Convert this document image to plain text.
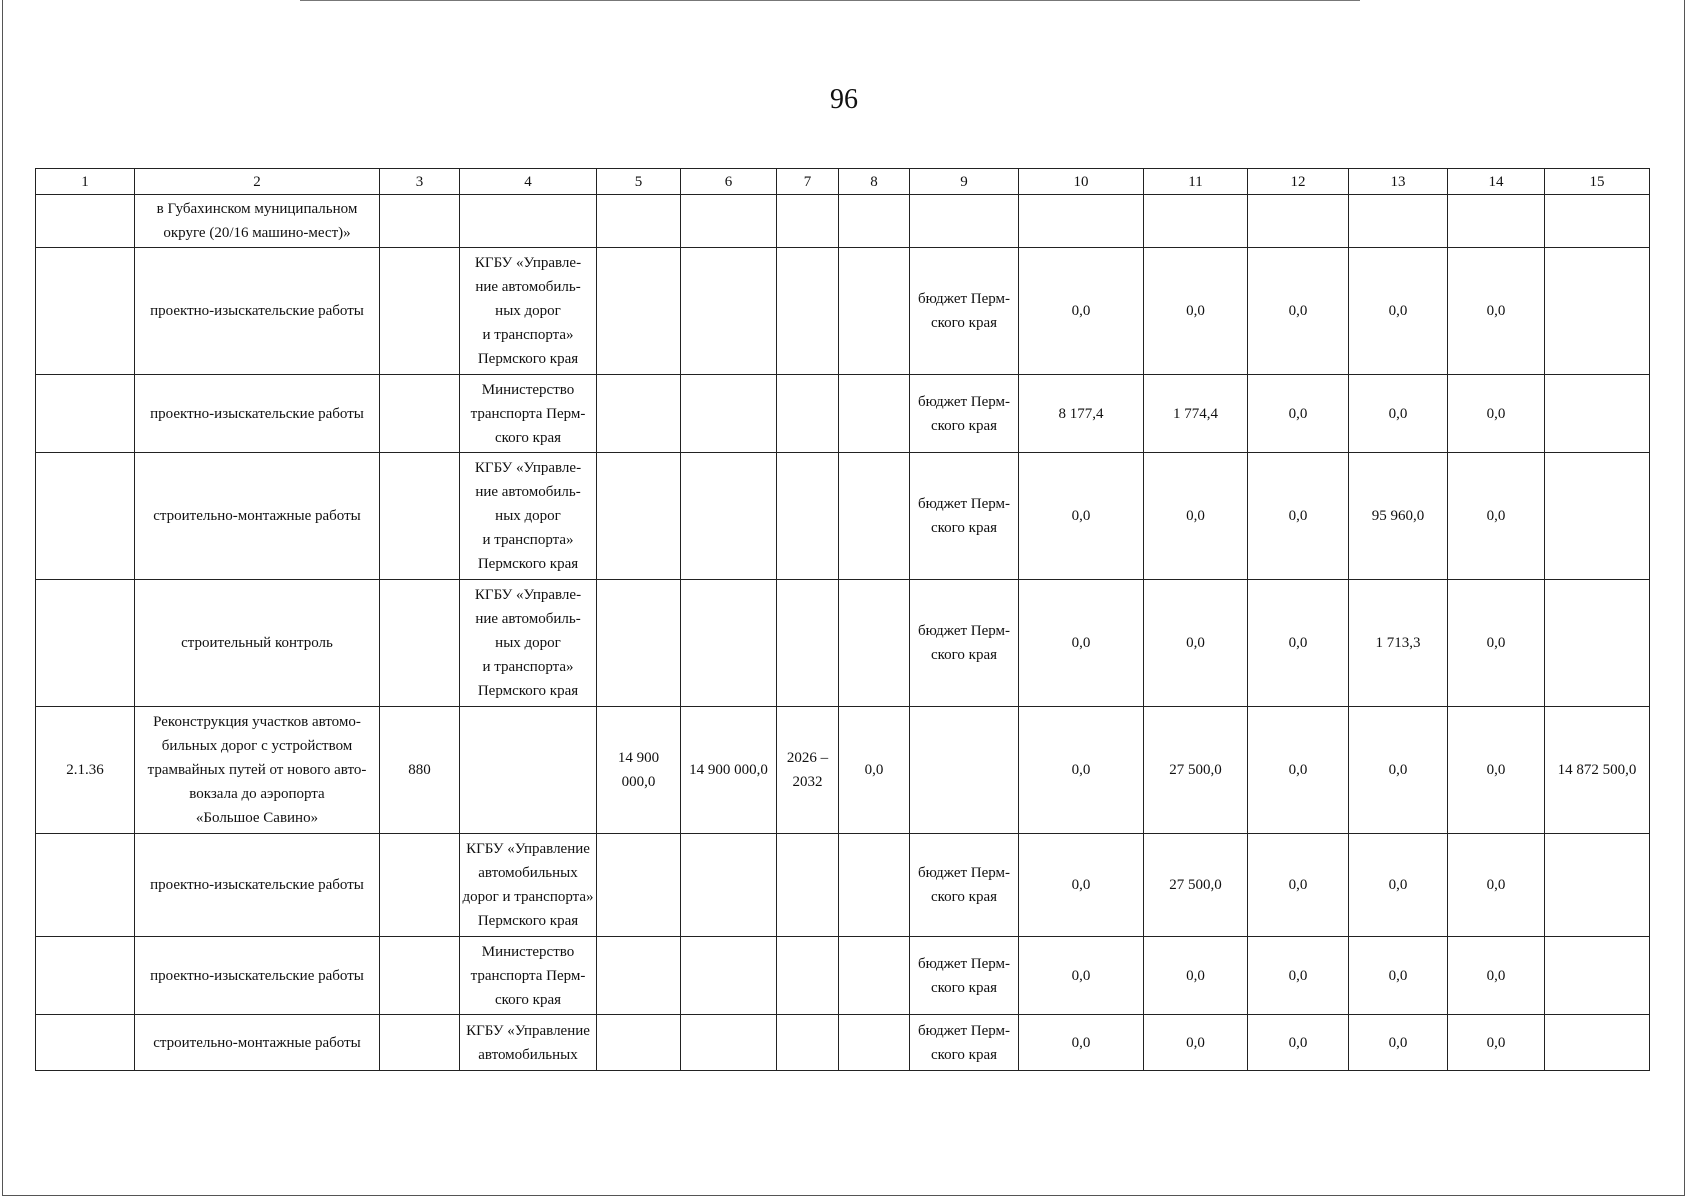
96
1	2	3	4	5	6	7	8	9	10	11	12	13	14	15

	в Губахинском муниципальном
округе (20/16 машино-мест)»													

	проектно-изыскательские работы		КГБУ «Управле-
ние автомобиль-
ных дорог
и транспорта»
Пермского края					бюджет Перм-
ского края	0,0	0,0	0,0	0,0	0,0	

	проектно-изыскательские работы		Министерство
транспорта Перм-
ского края					бюджет Перм-
ского края	8 177,4	1 774,4	0,0	0,0	0,0	

	строительно-монтажные работы		КГБУ «Управле-
ние автомобиль-
ных дорог
и транспорта»
Пермского края					бюджет Перм-
ского края	0,0	0,0	0,0	95 960,0	0,0	

	строительный контроль		КГБУ «Управле-
ние автомобиль-
ных дорог
и транспорта»
Пермского края					бюджет Перм-
ского края	0,0	0,0	0,0	1 713,3	0,0	

2.1.36	Реконструкция участков автомо-
бильных дорог с устройством
трамвайных путей от нового авто-
вокзала до аэропорта
«Большое Савино»	880		14 900
000,0	14 900 000,0	2026 –
2032	0,0		0,0	27 500,0	0,0	0,0	0,0	14 872 500,0

	проектно-изыскательские работы		КГБУ «Управление
автомобильных
дорог и транспорта»
Пермского края					бюджет Перм-
ского края	0,0	27 500,0	0,0	0,0	0,0	

	проектно-изыскательские работы		Министерство
транспорта Перм-
ского края					бюджет Перм-
ского края	0,0	0,0	0,0	0,0	0,0	

	строительно-монтажные работы		КГБУ «Управление
автомобильных					бюджет Перм-
ского края	0,0	0,0	0,0	0,0	0,0	
